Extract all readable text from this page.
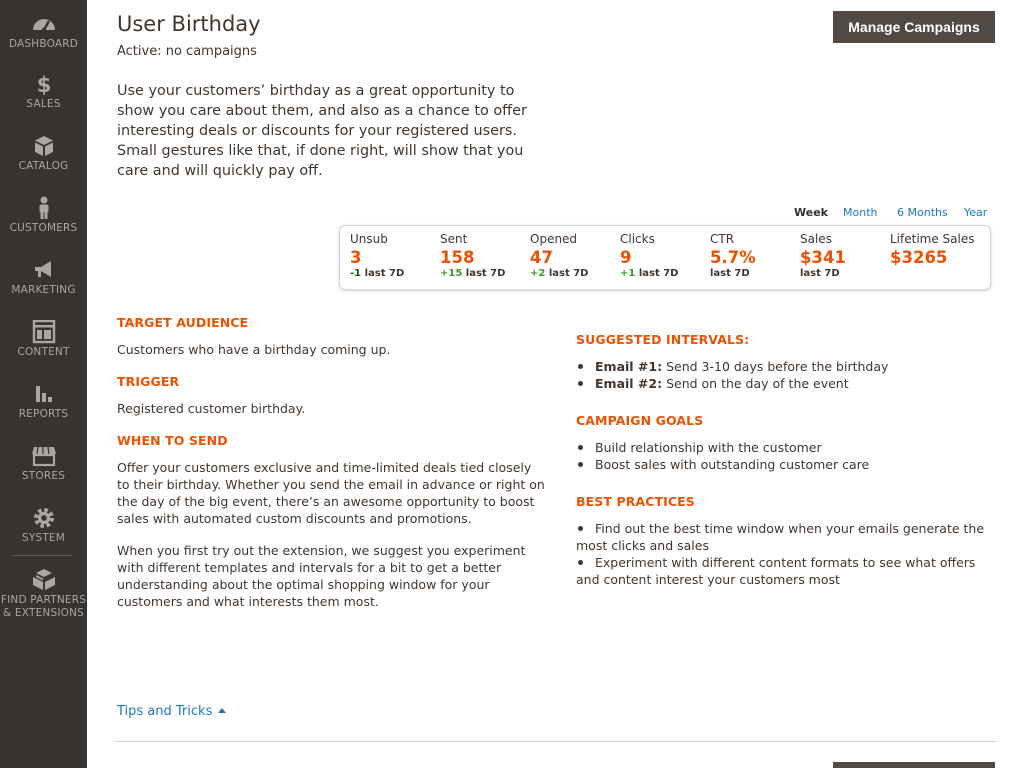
DASHBOARD
$
SALES
CATALOG
CUSTOMERS
MARKETING
CONTENT
REPORTS
STORES
SYSTEM
FIND PARTNERS & EXTENSIONS
User Birthday
Active: no campaigns
Manage Campaigns

Use your customers’ birthday as a great opportunity to show you care about them, and also as a chance to offer interesting deals or discounts for your registered users. Small gestures like that, if done right, will show that you care and will quickly pay off.

Week Month 6 Months Year
Unsub
3
-1 last 7D
Sent
158
+15 last 7D
Opened
47
+2 last 7D
Clicks
9
+1 last 7D
CTR
5.7%
last 7D
Sales
$341
last 7D
Lifetime Sales
$3265
TARGET AUDIENCE

Customers who have a birthday coming up.

TRIGGER

Registered customer birthday.

WHEN TO SEND

Offer your customers exclusive and time-limited deals tied closely to their birthday. Whether you send the email in advance or right on the day of the big event, there’s an awesome opportunity to boost sales with automated custom discounts and promotions.

When you first try out the extension, we suggest you experiment with different templates and intervals for a bit to get a better understanding about the optimal shopping window for your customers and what interests them most.

SUGGESTED INTERVALS:
Email #1: Send 3-10 days before the birthday
Email #2: Send on the day of the event
CAMPAIGN GOALS
Build relationship with the customer
Boost sales with outstanding customer care
BEST PRACTICES
Find out the best time window when your emails generate the most clicks and sales
Experiment with different content formats to see what offers and content interest your customers most
Tips and Tricks
